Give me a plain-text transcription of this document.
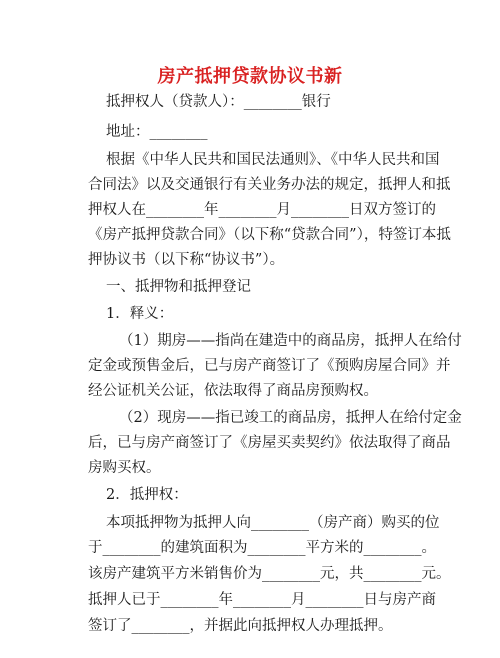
房产抵押贷款协议书新
抵押权人（贷款人）：________银行
地址：________
根据《中华人民共和国民法通则》、《中华人民共和国
合同法》以及交通银行有关业务办法的规定，抵押人和抵
押权人在________年________月________日双方签订的
《房产抵押贷款合同》（以下称“贷款合同”），特签订本抵
押协议书（以下称“协议书”）。
一、抵押物和抵押登记
1．释义：
（1）期房——指尚在建造中的商品房，抵押人在给付
定金或预售金后，已与房产商签订了《预购房屋合同》并
经公证机关公证，依法取得了商品房预购权。
（2）现房——指已竣工的商品房，抵押人在给付定金
后，已与房产商签订了《房屋买卖契约》依法取得了商品
房购买权。
2．抵押权：
本项抵押物为抵押人向________（房产商）购买的位
于________的建筑面积为________平方米的________。
该房产建筑平方米销售价为________元，共________元。
抵押人已于________年________月________日与房产商
签订了________，并据此向抵押权人办理抵押。
